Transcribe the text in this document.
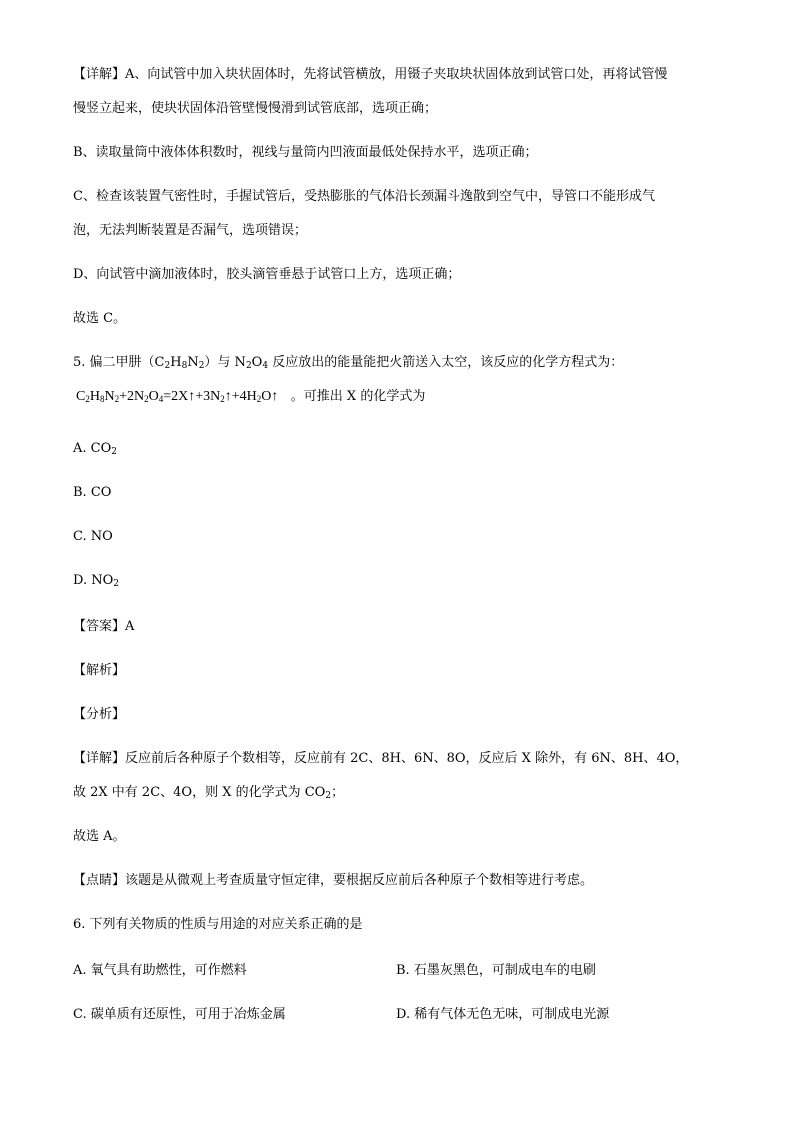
【详解】A、向试管中加入块状固体时，先将试管横放，用镊子夹取块状固体放到试管口处，再将试管慢
慢竖立起来，使块状固体沿管壁慢慢滑到试管底部，选项正确；
B、读取量筒中液体体积数时，视线与量筒内凹液面最低处保持水平，选项正确；
C、检查该装置气密性时，手握试管后，受热膨胀的气体沿长颈漏斗逸散到空气中，导管口不能形成气
泡，无法判断装置是否漏气，选项错误；
D、向试管中滴加液体时，胶头滴管垂悬于试管口上方，选项正确；
故选 C。
5. 偏二甲肼$(C_2H_8N_2)$与 $N_2O_4$ 反应放出的能量能把火箭送入太空，该反应的化学方程式为：
$C_2H_8N_2+2N_2O_4=2X↑+3N_2↑+4H_2O↑$ 。可推出 X 的化学式为
A. $CO_2$
B. CO
C. NO
D. $NO_2$
【答案】A
【解析】
【分析】
【详解】反应前后各种原子个数相等，反应前有 2C、8H、6N、8O，反应后 X 除外，有 6N、8H、4O，
故 2X 中有 2C、4O，则 X 的化学式为 $CO_2$；
故选 A。
【点睛】该题是从微观上考查质量守恒定律，要根据反应前后各种原子个数相等进行考虑。
6. 下列有关物质的性质与用途的对应关系正确的是
A. 氧气具有助燃性，可作燃料	B. 石墨灰黑色，可制成电车的电刷
C. 碳单质有还原性，可用于冶炼金属	D. 稀有气体无色无味，可制成电光源
